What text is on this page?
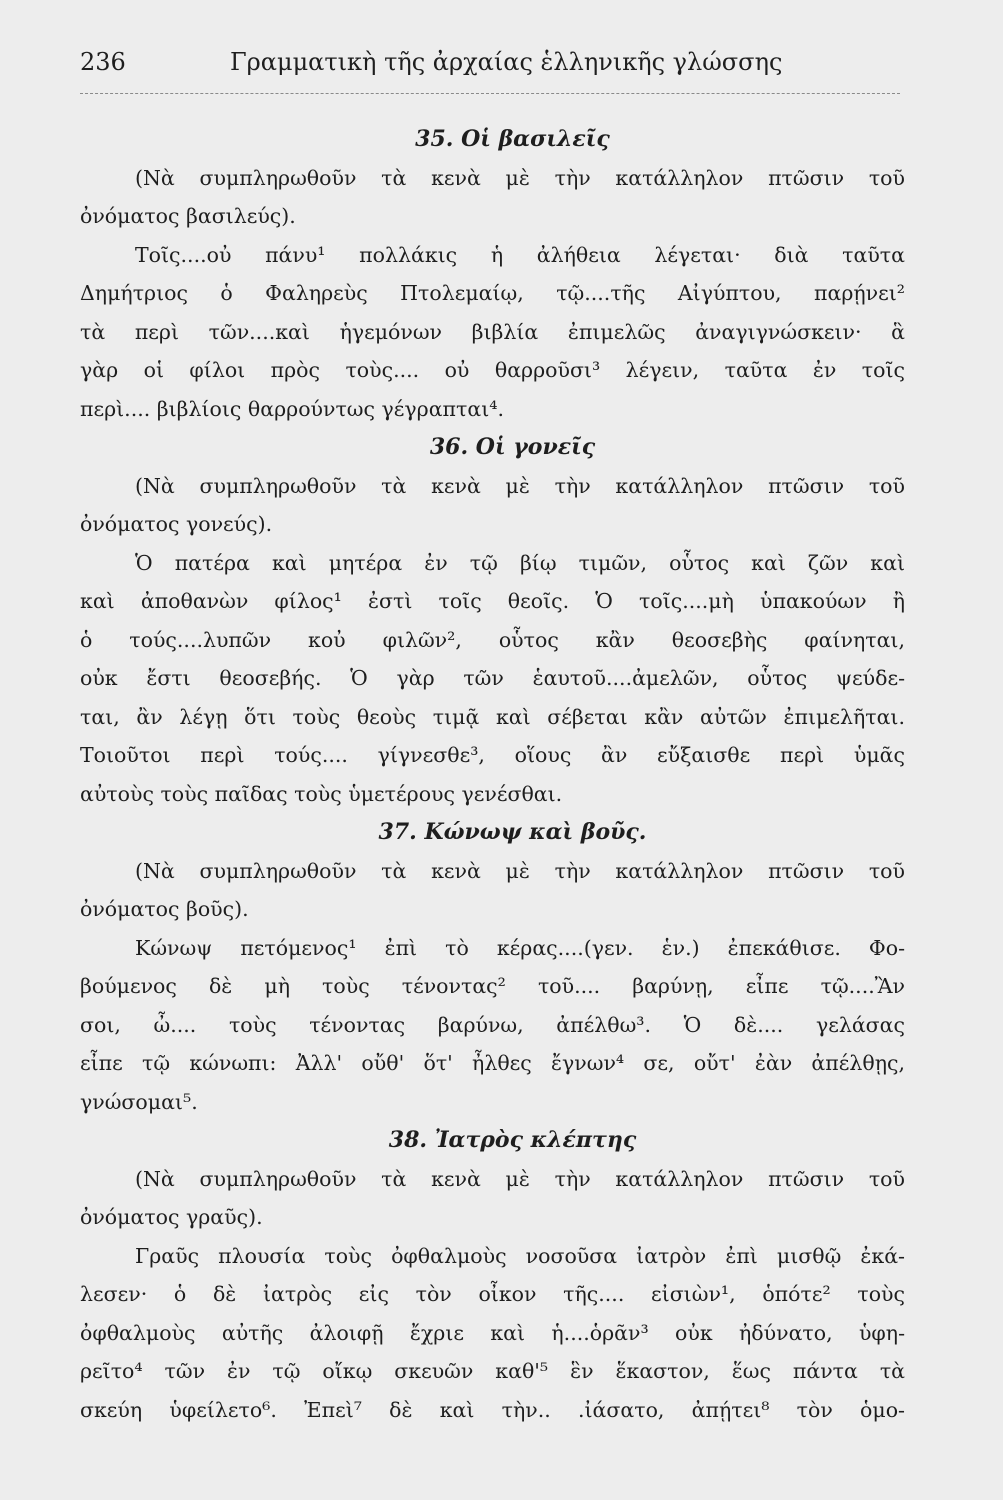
236	Γραμματικὴ τῆς ἀρχαίας ἑλληνικῆς γλώσσης
35. Οἱ βασιλεῖς
(Νὰ συμπληρωθοῦν τὰ κενὰ μὲ τὴν κατάλληλον πτῶσιν τοῦ
ὀνόματος βασιλεύς).
Τοῖς....οὐ πάνυ¹ πολλάκις ἡ ἀλήθεια λέγεται· διὰ ταῦτα
Δημήτριος ὁ Φαληρεὺς Πτολεμαίῳ, τῷ....τῆς Αἰγύπτου, παρῄνει²
τὰ περὶ τῶν....καὶ ἡγεμόνων βιβλία ἐπιμελῶς ἀναγιγνώσκειν· ἃ
γὰρ οἱ φίλοι πρὸς τοὺς.... οὐ θαρροῦσι³ λέγειν, ταῦτα ἐν τοῖς
περὶ.... βιβλίοις θαρρούντως γέγραπται⁴.
36. Οἱ γονεῖς
(Νὰ συμπληρωθοῦν τὰ κενὰ μὲ τὴν κατάλληλον πτῶσιν τοῦ
ὀνόματος γονεύς).
Ὁ πατέρα καὶ μητέρα ἐν τῷ βίῳ τιμῶν, οὗτος καὶ ζῶν καὶ
καὶ ἀποθανὼν φίλος¹ ἐστὶ τοῖς θεοῖς. Ὁ τοῖς....μὴ ὑπακούων ἢ
ὁ τούς....λυπῶν κοὐ φιλῶν², οὗτος κἂν θεοσεβὴς φαίνηται,
οὐκ ἔστι θεοσεβής. Ὁ γὰρ τῶν ἑαυτοῦ....ἀμελῶν, οὗτος ψεύδε-
ται, ἂν λέγῃ ὅτι τοὺς θεοὺς τιμᾷ καὶ σέβεται κἂν αὐτῶν ἐπιμελῆται.
Τοιοῦτοι περὶ τούς.... γίγνεσθε³, οἵους ἂν εὔξαισθε περὶ ὑμᾶς
αὐτοὺς τοὺς παῖδας τοὺς ὑμετέρους γενέσθαι.
37. Κώνωψ καὶ βοῦς.
(Νὰ συμπληρωθοῦν τὰ κενὰ μὲ τὴν κατάλληλον πτῶσιν τοῦ
ὀνόματος βοῦς).
Κώνωψ πετόμενος¹ ἐπὶ τὸ κέρας....(γεν. ἑν.) ἐπεκάθισε. Φο-
βούμενος δὲ μὴ τοὺς τένοντας² τοῦ.... βαρύνῃ, εἶπε τῷ....Ἂν
σοι, ὦ.... τοὺς τένοντας βαρύνω, ἀπέλθω³. Ὁ δὲ.... γελάσας
εἶπε τῷ κώνωπι: Ἀλλ' οὔθ' ὅτ' ἦλθες ἔγνων⁴ σε, οὔτ' ἐὰν ἀπέλθῃς,
γνώσομαι⁵.
38. Ἰατρὸς κλέπτης
(Νὰ συμπληρωθοῦν τὰ κενὰ μὲ τὴν κατάλληλον πτῶσιν τοῦ
ὀνόματος γραῦς).
Γραῦς πλουσία τοὺς ὀφθαλμοὺς νοσοῦσα ἰατρὸν ἐπὶ μισθῷ ἐκά-
λεσεν· ὁ δὲ ἰατρὸς εἰς τὸν οἶκον τῆς.... εἰσιὼν¹, ὁπότε² τοὺς
ὀφθαλμοὺς αὐτῆς ἀλοιφῇ ἔχριε καὶ ἡ....ὁρᾶν³ οὐκ ἠδύνατο, ὑφη-
ρεῖτο⁴ τῶν ἐν τῷ οἴκῳ σκευῶν καθ'⁵ ἓν ἕκαστον, ἕως πάντα τὰ
σκεύη ὑφείλετο⁶. Ἐπεὶ⁷ δὲ καὶ τὴν.. .ἰάσατο, ἀπῄτει⁸ τὸν ὁμο-
